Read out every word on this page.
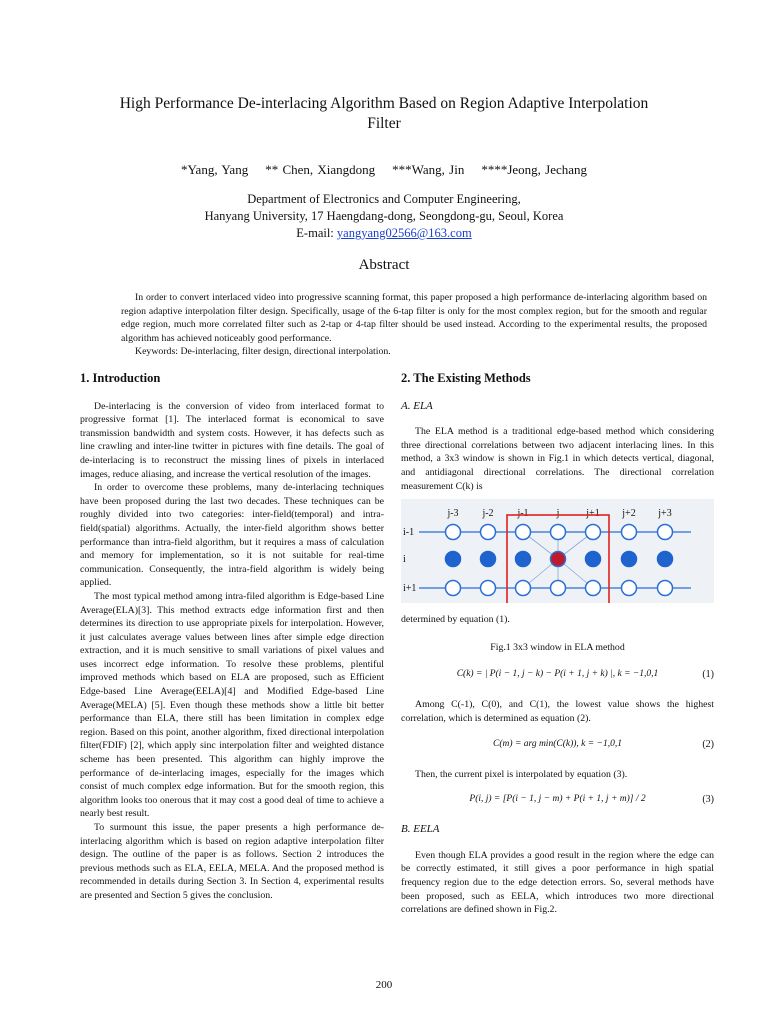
High Performance De-interlacing Algorithm Based on Region Adaptive Interpolation Filter
*Yang, Yang    ** Chen, Xiangdong    ***Wang, Jin    ****Jeong, Jechang
Department of Electronics and Computer Engineering,
Hanyang University, 17 Haengdang-dong, Seongdong-gu, Seoul, Korea
E-mail: yangyang02566@163.com
Abstract

In order to convert interlaced video into progressive scanning format, this paper proposed a high performance de-interlacing algorithm based on region adaptive interpolation filter design. Specifically, usage of the 6-tap filter is only for the most complex region, but for the smooth and regular edge region, much more correlated filter such as 2-tap or 4-tap filter should be used instead. According to the experimental results, the proposed algorithm has achieved noticeably good performance.

Keywords: De-interlacing, filter design, directional interpolation.

1. Introduction

De-interlacing is the conversion of video from interlaced format to progressive format [1]. The interlaced format is economical to save transmission bandwidth and system costs. However, it has defects such as line crawling and inter-line twitter in pictures with fine details. The goal of de-interlacing is to reconstruct the missing lines of pixels in interlaced images, reduce aliasing, and increase the vertical resolution of the images.

In order to overcome these problems, many de-interlacing techniques have been proposed during the last two decades. These techniques can be roughly divided into two categories: inter-field(temporal) and intra-field(spatial) algorithms. Actually, the inter-field algorithm shows better performance than intra-field algorithm, but it requires a mass of calculation and memory for implementation, so it is not suitable for real-time communication. Consequently, the intra-field algorithm is widely being applied.

The most typical method among intra-filed algorithm is Edge-based Line Average(ELA)[3]. This method extracts edge information first and then determines its direction to use appropriate pixels for interpolation. However, it just calculates average values between lines after simple edge direction extraction, and it is much sensitive to small variations of pixel values and uses incorrect edge information. To resolve these problems, plentiful improved methods which based on ELA are proposed, such as Efficient Edge-based Line Average(EELA)[4] and Modified Edge-based Line Average(MELA) [5]. Even though these methods show a little bit better performance than ELA, there still has been limitation in complex edge region. Based on this point, another algorithm, fixed directional interpolation filter(FDIF) [2], which apply sinc interpolation filter and weighted distance scheme has been presented. This algorithm can highly improve the performance of de-interlacing images, especially for the images which consist of much complex edge information. But for the smooth region, this algorithm looks too onerous that it may cost a good deal of time to achieve a nearly best result.

To surmount this issue, the paper presents a high performance de-interlacing algorithm which is based on region adaptive interpolation filter design. The outline of the paper is as follows. Section 2 introduces the previous methods such as ELA, EELA, MELA. And the proposed method is recommended in details during Section 3. In Section 4, experimental results are presented and Section 5 gives the conclusion.

2. The Existing Methods
A. ELA

The ELA method is a traditional edge-based method which considering three directional correlations between two adjacent interlacing lines. In this method, a 3x3 window is shown in Fig.1 in which detects vertical, diagonal, and antidiagonal directional correlations. The directional correlation measurement C(k) is

j-3 j-2 j-1	j	j+1 j+2 j+3
i-1
i
i+1

determined by equation (1).

Fig.1 3x3 window in ELA method
C(k) = | P(i − 1, j − k) − P(i + 1, j + k) |, k = −1,0,1	(1)

Among C(-1), C(0), and C(1), the lowest value shows the highest correlation, which is determined as equation (2).

C(m) = arg min(C(k)), k = −1,0,1	(2)

Then, the current pixel is interpolated by equation (3).

P(i, j) = [P(i − 1, j − m) + P(i + 1, j + m)] / 2	(3)
B. EELA

Even though ELA provides a good result in the region where the edge can be correctly estimated, it still gives a poor performance in high spatial frequency region due to the edge detection errors. So, several methods have been proposed, such as EELA, which introduces two more directional correlations are defined shown in Fig.2.

200
